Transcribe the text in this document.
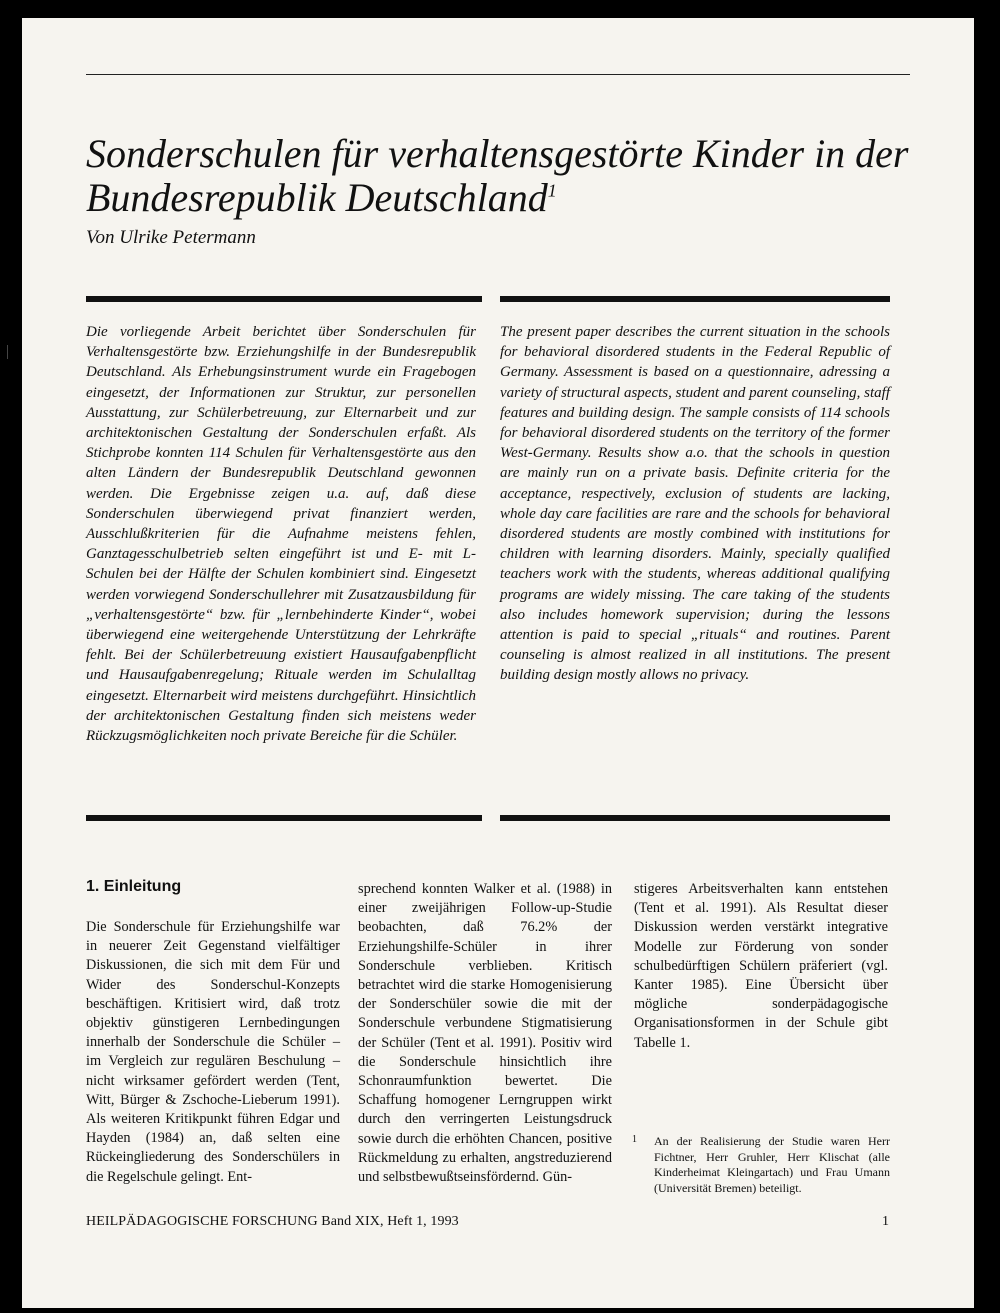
Sonderschulen für verhaltensgestörte Kinder in der Bundesrepublik Deutschland$^1$
Von Ulrike Petermann

Die vorliegende Arbeit berichtet über Sonderschulen für Verhaltensgestörte bzw. Erziehungshilfe in der Bundesrepublik Deutschland. Als Erhebungsinstrument wurde ein Fragebogen eingesetzt, der Informationen zur Struktur, zur personellen Ausstattung, zur Schülerbetreuung, zur Elternarbeit und zur architektonischen Gestaltung der Sonderschulen erfaßt. Als Stichprobe konnten 114 Schulen für Verhaltensgestörte aus den alten Ländern der Bundesrepublik Deutschland gewonnen werden. Die Ergebnisse zeigen u.a. auf, daß diese Sonderschulen überwiegend privat finanziert werden, Ausschlußkriterien für die Aufnahme meistens fehlen, Ganztagesschulbetrieb selten eingeführt ist und E- mit L-Schulen bei der Hälfte der Schulen kombiniert sind. Eingesetzt werden vorwiegend Sonderschullehrer mit Zusatzausbildung für „verhaltensgestörte“ bzw. für „lernbehinderte Kinder“, wobei überwiegend eine weitergehende Unterstützung der Lehrkräfte fehlt. Bei der Schülerbetreuung existiert Hausaufgabenpflicht und Hausaufgabenregelung; Rituale werden im Schulalltag eingesetzt. Elternarbeit wird meistens durchgeführt. Hinsichtlich der architektonischen Gestaltung finden sich meistens weder Rückzugsmöglichkeiten noch private Bereiche für die Schüler.

The present paper describes the current situation in the schools for behavioral disordered students in the Federal Republic of Germany. Assessment is based on a questionnaire, adressing a variety of structural aspects, student and parent counseling, staff features and building design. The sample consists of 114 schools for behavioral disordered students on the territory of the former West-Germany. Results show a.o. that the schools in question are mainly run on a private basis. Definite criteria for the acceptance, respectively, exclusion of students are lacking, whole day care facilities are rare and the schools for behavioral disordered students are mostly combined with institutions for children with learning disorders. Mainly, specially qualified teachers work with the students, whereas additional qualifying programs are widely missing. The care taking of the students also includes homework supervision; during the lessons attention is paid to special „rituals“ and routines. Parent counseling is almost realized in all institutions. The present building design mostly allows no privacy.

1. Einleitung

Die Sonderschule für Erziehungshilfe war in neuerer Zeit Gegenstand vielfältiger Diskussionen, die sich mit dem Für und Wider des Sonderschul-Konzepts beschäftigen. Kritisiert wird, daß trotz objektiv günstigeren Lernbedingungen innerhalb der Sonderschule die Schüler – im Vergleich zur regulären Beschulung – nicht wirksamer gefördert werden (Tent, Witt, Bürger & Zschoche-Lieberum 1991). Als weiteren Kritikpunkt führen Edgar und Hayden (1984) an, daß selten eine Rückeingliederung des Sonderschülers in die Regelschule gelingt. Ent-

sprechend konnten Walker et al. (1988) in einer zweijährigen Follow-up-Studie beobachten, daß 76.2% der Erziehungshilfe-Schüler in ihrer Sonderschule verblieben. Kritisch betrachtet wird die starke Homogenisierung der Sonderschüler sowie die mit der Sonderschule verbundene Stigmatisierung der Schüler (Tent et al. 1991). Positiv wird die Sonderschule hinsichtlich ihre Schonraumfunktion bewertet. Die Schaffung homogener Lerngruppen wirkt durch den verringerten Leistungsdruck sowie durch die erhöhten Chancen, positive Rückmeldung zu erhalten, angstreduzierend und selbstbewußtseinsfördernd. Gün-

stigeres Arbeitsverhalten kann entstehen (Tent et al. 1991). Als Resultat dieser Diskussion werden verstärkt integrative Modelle zur Förderung von sonder schulbedürftigen Schülern präferiert (vgl. Kanter 1985). Eine Übersicht über mögliche sonderpädagogische Organisationsformen in der Schule gibt Tabelle 1.

1 An der Realisierung der Studie waren Herr Fichtner, Herr Gruhler, Herr Klischat (alle Kinderheimat Kleingartach) und Frau Umann (Universität Bremen) beteiligt.
HEILPÄDAGOGISCHE FORSCHUNG Band XIX, Heft 1, 1993	1
